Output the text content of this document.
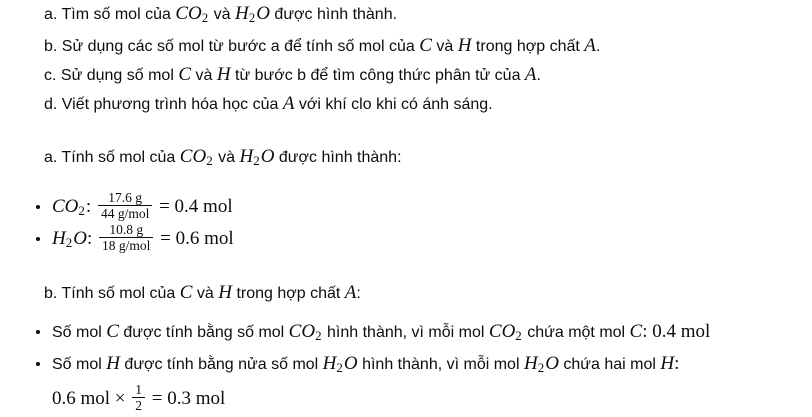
a. Tìm số mol của CO2 và H2O được hình thành.
b. Sử dụng các số mol từ bước a để tính số mol của C và H trong hợp chất A.
c. Sử dụng số mol C và H từ bước b để tìm công thức phân tử của A.
d. Viết phương trình hóa học của A với khí clo khi có ánh sáng.
a. Tính số mol của CO2 và H2O được hình thành:
CO2: $\frac{17.6 g}{\text{44 g/mol}} = 0.4$ mol
H2O: $\frac{10.8 g}{\text{18 g/mol}} = 0.6$ mol
b. Tính số mol của C và H trong hợp chất A:
Số mol C được tính bằng số mol CO2 hình thành, vì mỗi mol CO2 chứa một mol C: 0.4 mol
Số mol H được tính bằng nửa số mol H2O hình thành, vì mỗi mol H2O chứa hai mol H:
0.6 mol × $\frac{1}{2} = 0.3$ mol
